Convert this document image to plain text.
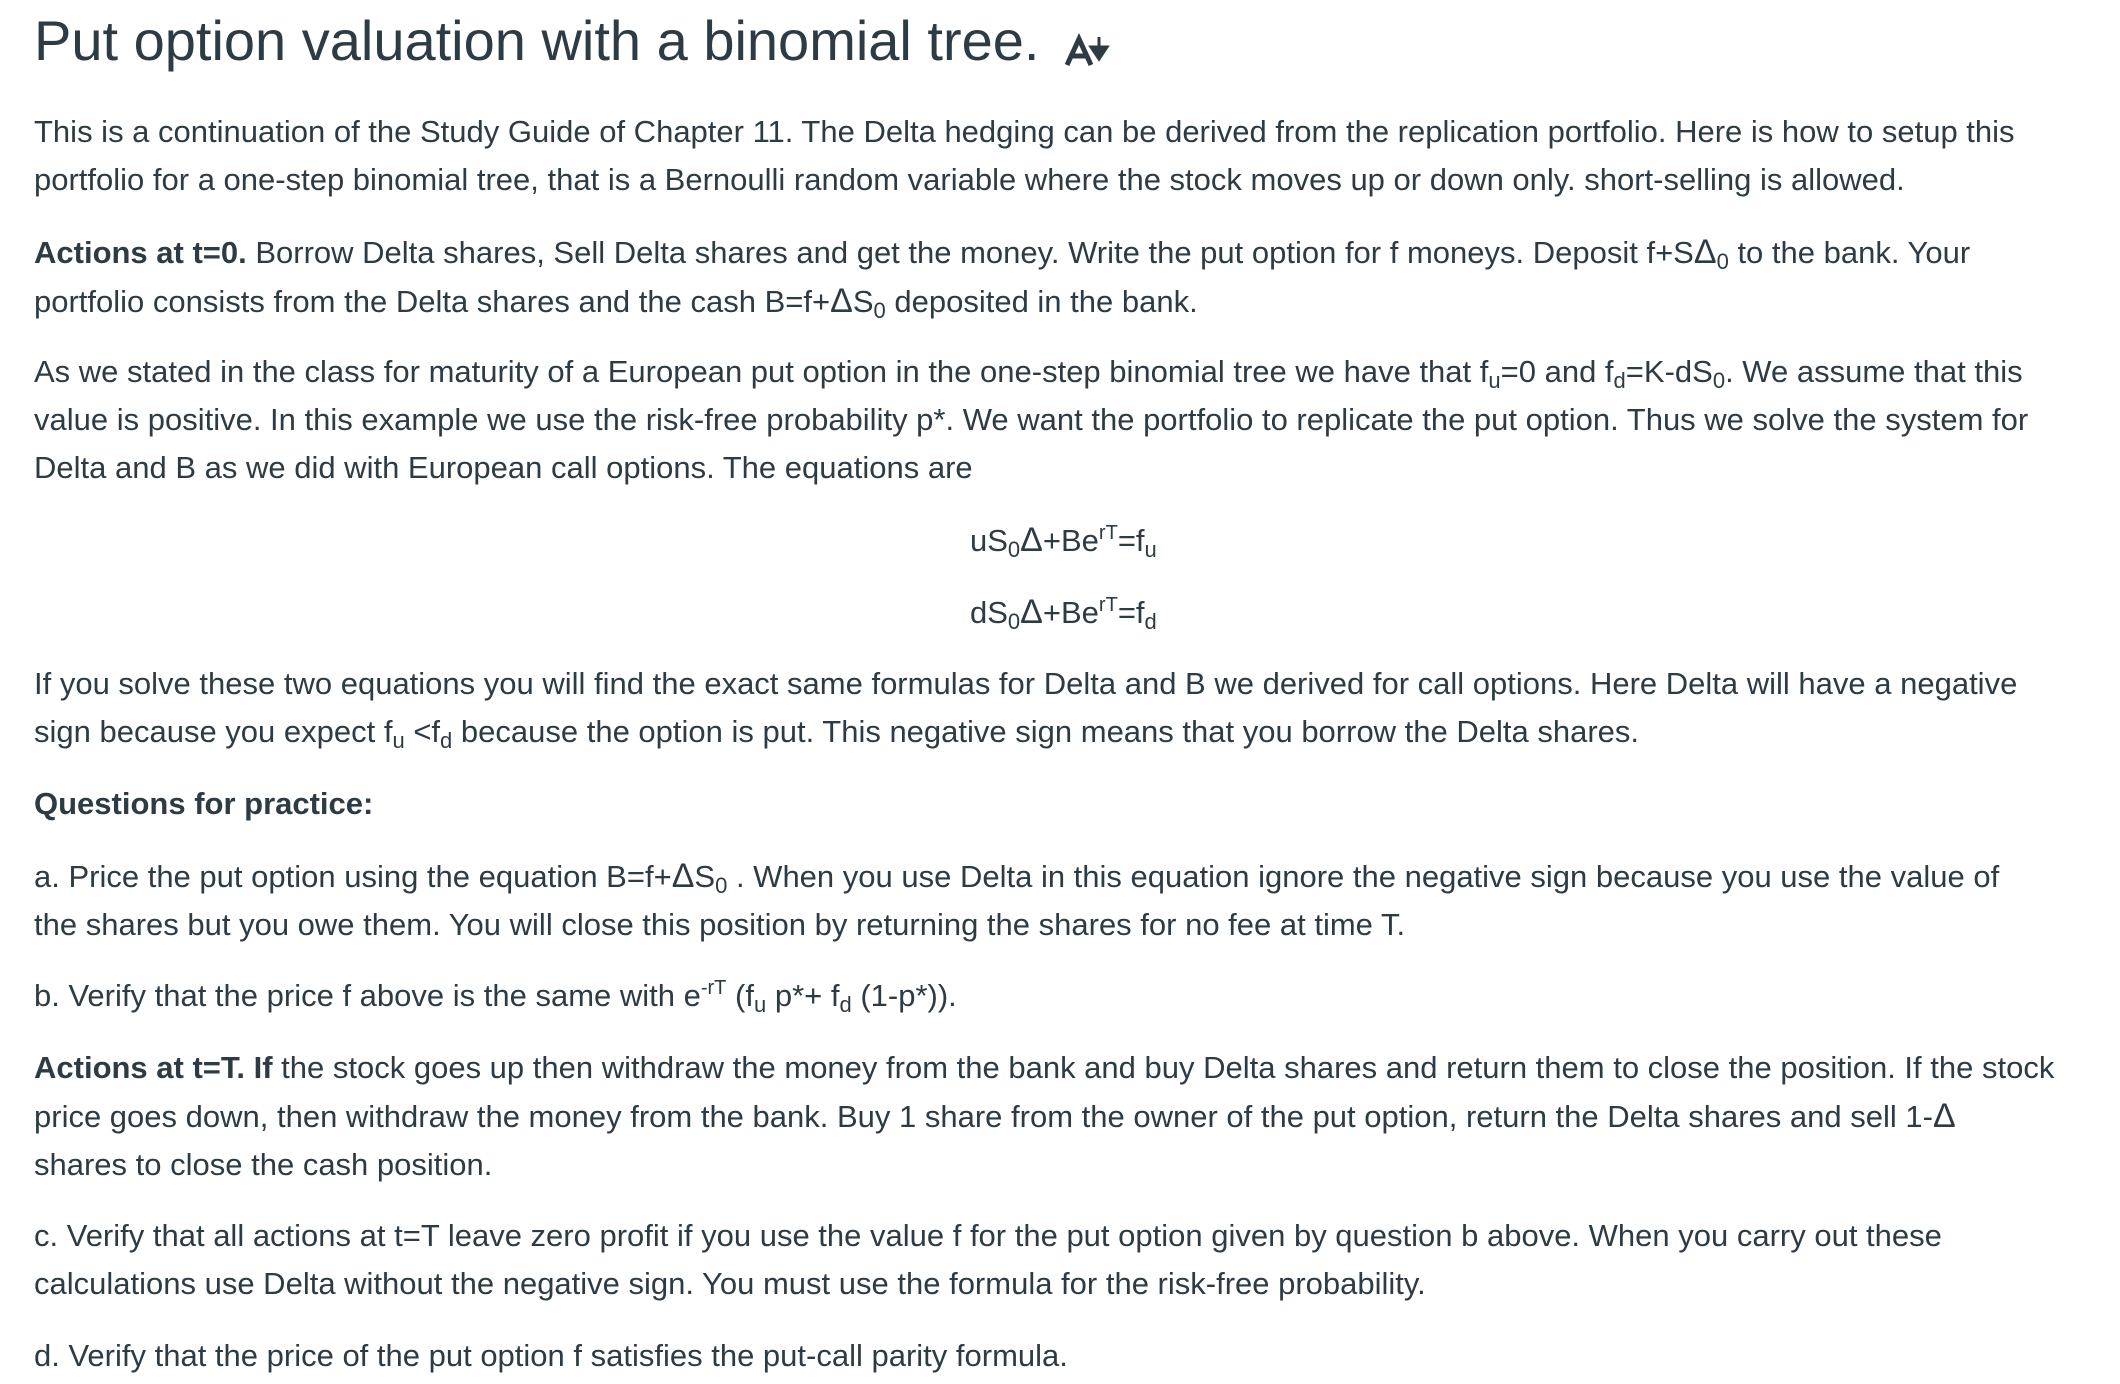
Put option valuation with a binomial tree.

This is a continuation of the Study Guide of Chapter 11. The Delta hedging can be derived from the replication portfolio. Here is how to setup this
portfolio for a one-step binomial tree, that is a Bernoulli random variable where the stock moves up or down only. short-selling is allowed.

Actions at t=0. Borrow Delta shares, Sell Delta shares and get the money. Write the put option for f moneys. Deposit $f+S\Delta_0$ to the bank. Your
portfolio consists from the Delta shares and the cash $B=f+\Delta S_0$ deposited in the bank.

As we stated in the class for maturity of a European put option in the one-step binomial tree we have that $f_u=0$ and $f_d=K-dS_0$. We assume that this
value is positive. In this example we use the risk-free probability p*. We want the portfolio to replicate the put option. Thus we solve the system for
Delta and B as we did with European call options. The equations are

$uS_0\Delta+Be^{rT}=f_u$
$dS_0\Delta+Be^{rT}=f_d$

If you solve these two equations you will find the exact same formulas for Delta and B we derived for call options. Here Delta will have a negative
sign because you expect $f_u <f_d$ because the option is put. This negative sign means that you borrow the Delta shares.

Questions for practice:

a. Price the put option using the equation $B=f+\Delta S_0$ . When you use Delta in this equation ignore the negative sign because you use the value of
the shares but you owe them. You will close this position by returning the shares for no fee at time T.

b. Verify that the price f above is the same with $e^{-rT}$ ($f_u$ $p*+ f_d$ (1-p*)).

Actions at t=T. If the stock goes up then withdraw the money from the bank and buy Delta shares and return them to close the position. If the stock
price goes down, then withdraw the money from the bank. Buy 1 share from the owner of the put option, return the Delta shares and sell 1-Δ
shares to close the cash position.

c. Verify that all actions at t=T leave zero profit if you use the value f for the put option given by question b above. When you carry out these
calculations use Delta without the negative sign. You must use the formula for the risk-free probability.

d. Verify that the price of the put option f satisfies the put-call parity formula.
